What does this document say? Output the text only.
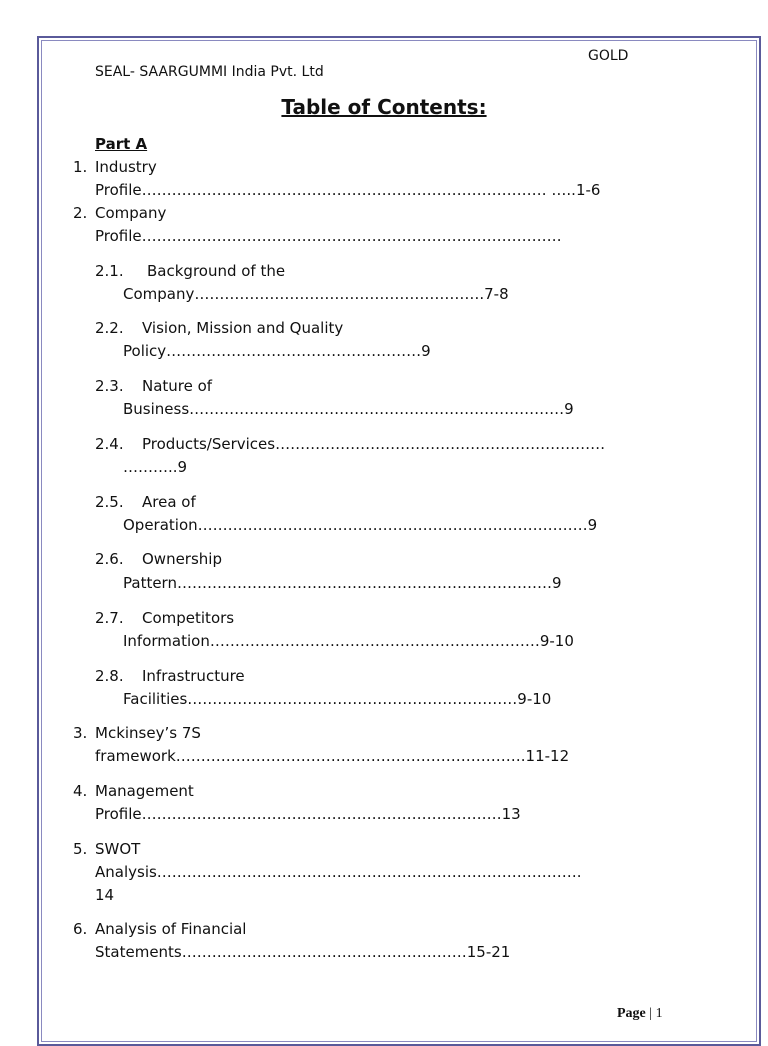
GOLD
SEAL- SAARGUMMI India Pvt. Ltd
Table of Contents:
Part A
1. Industry
Profile……………………………………………………………………… …..1-6
2. Company
Profile…………………………………………………………………………
2.1. Background of the
Company………………………………………………….7-8
2.2. Vision, Mission and Quality
Policy……………………………………………9
2.3. Nature of
Business…………………………………………………………………9
2.4. Products/Services…………………………………………………………
………..9
2.5. Area of
Operation……………………………………………………………………9
2.6. Ownership
Pattern…………………………………………………………………9
2.7. Competitors
Information…………………………………………………………9-10
2.8. Infrastructure
Facilities…………………………………………………………9-10
3. Mckinsey’s 7S
framework…………………………………………………………….11-12
4. Management
Profile………………………………………………………………13
5. SWOT
Analysis………………………………………………………………………….
14
6. Analysis of Financial
Statements…………………………………………………15-21
Page | 1
